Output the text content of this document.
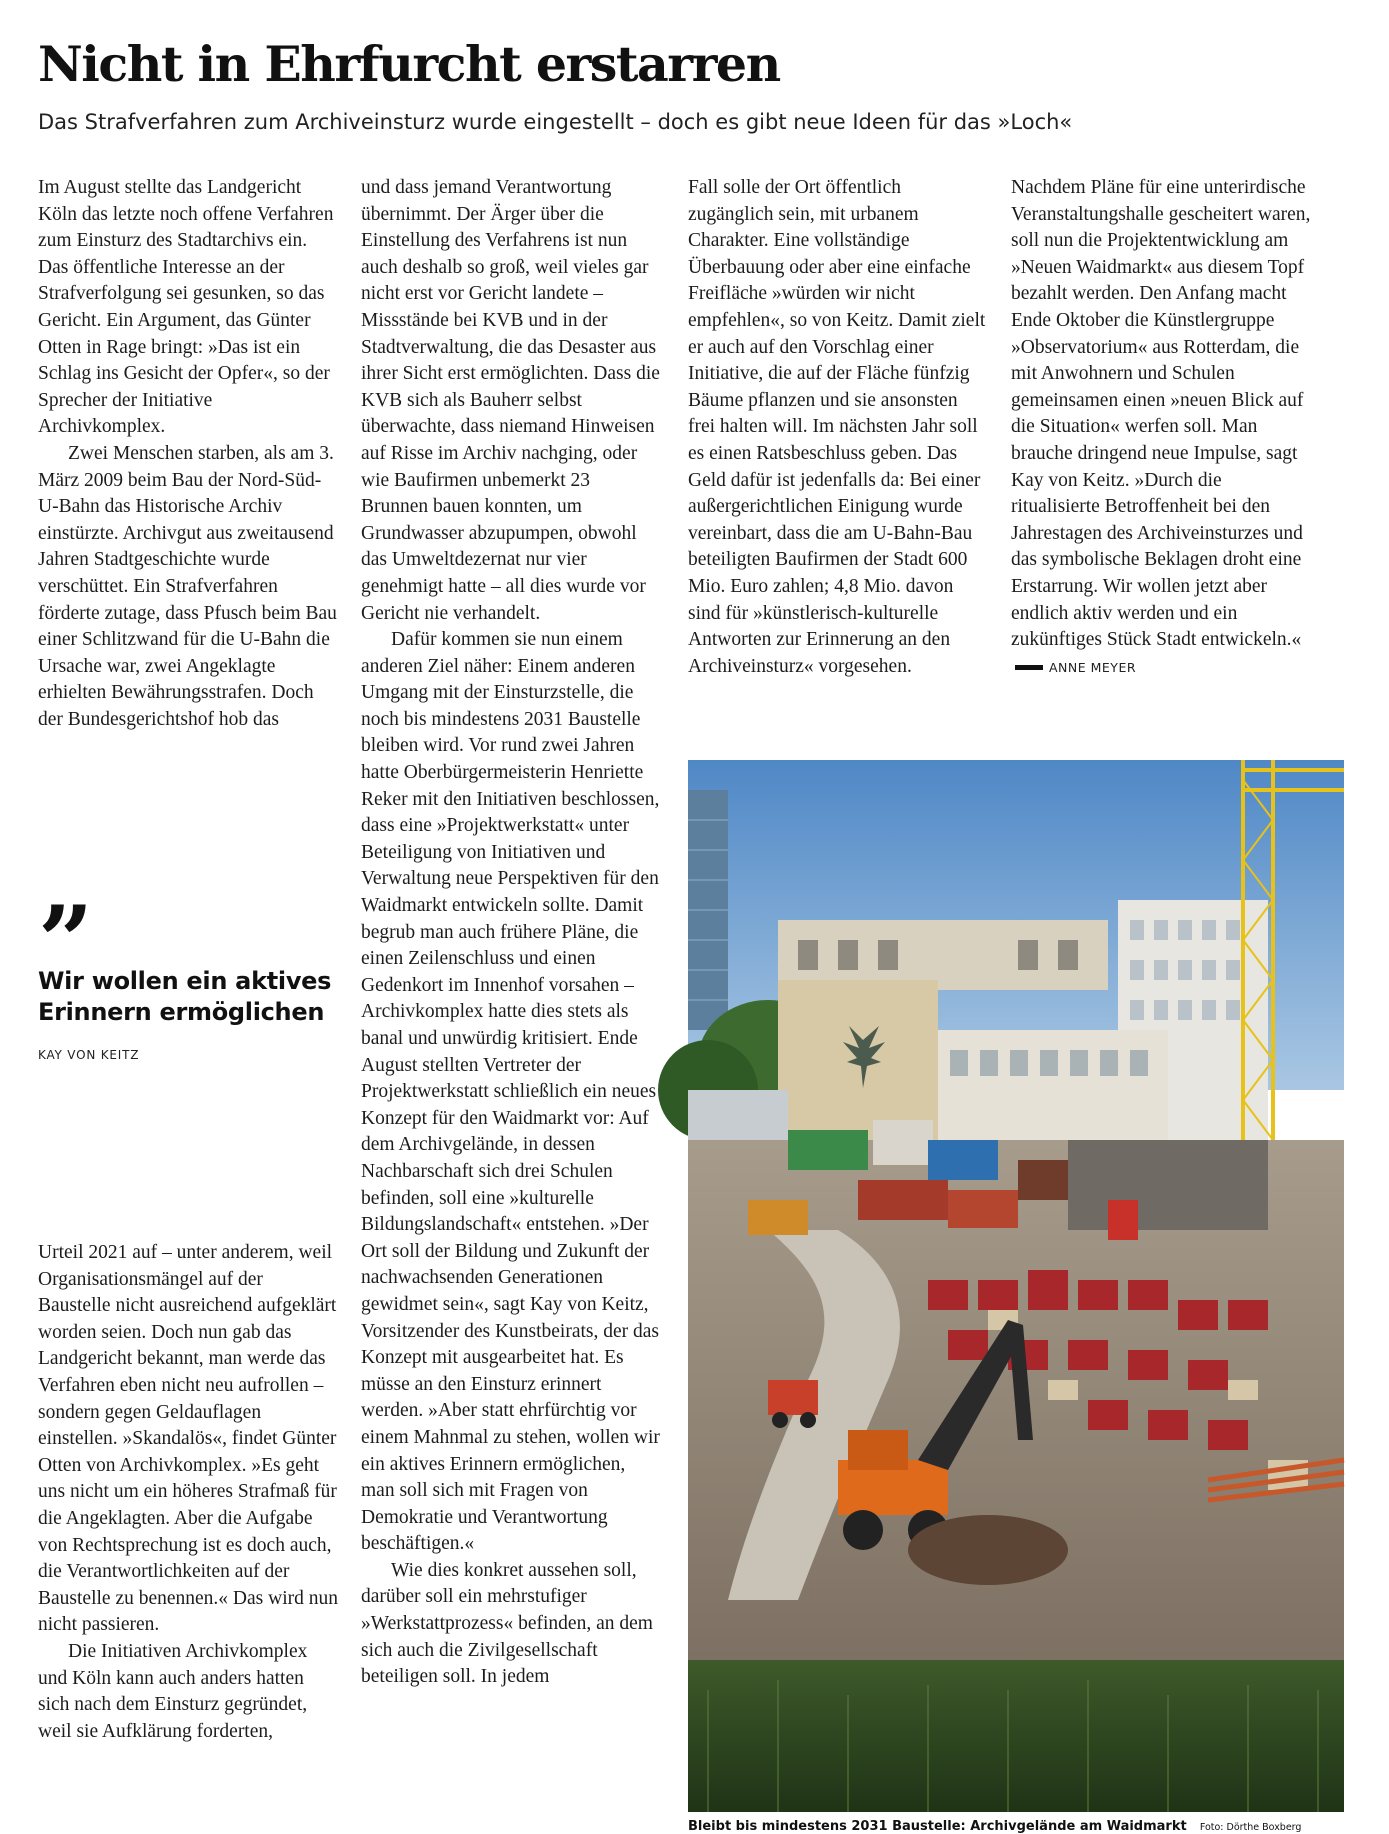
Nicht in Ehrfurcht erstarren

Das Strafverfahren zum Archiveinsturz wurde eingestellt – doch es gibt neue Ideen für das »Loch«

Im August stellte das Landgericht Köln das letzte noch offene Verfahren zum Einsturz des Stadtarchivs ein. Das öffentliche Interesse an der Strafverfolgung sei gesunken, so das Gericht. Ein Argument, das Günter Otten in Rage bringt: »Das ist ein Schlag ins Gesicht der Opfer«, so der Sprecher der Initiative Archivkomplex.

Zwei Menschen starben, als am 3. März 2009 beim Bau der Nord-Süd-U-Bahn das Historische Archiv einstürzte. Archivgut aus zweitausend Jahren Stadtgeschichte wurde verschüttet. Ein Strafverfahren förderte zutage, dass Pfusch beim Bau einer Schlitzwand für die U-Bahn die Ursache war, zwei Angeklagte erhielten Bewährungsstrafen. Doch der Bundesgerichtshof hob das

”

Wir wollen ein aktives Erinnern ermöglichen

KAY VON KEITZ

Urteil 2021 auf – unter anderem, weil Organisationsmängel auf der Baustelle nicht ausreichend aufgeklärt worden seien. Doch nun gab das Landgericht bekannt, man werde das Verfahren eben nicht neu aufrollen – sondern gegen Geldauflagen einstellen. »Skandalös«, findet Günter Otten von Archivkomplex. »Es geht uns nicht um ein höheres Strafmaß für die Angeklagten. Aber die Aufgabe von Rechtsprechung ist es doch auch, die Verantwortlichkeiten auf der Baustelle zu benennen.« Das wird nun nicht passieren.

Die Initiativen Archivkomplex und Köln kann auch anders hatten sich nach dem Einsturz gegründet, weil sie Aufklärung forderten,

und dass jemand Verantwortung übernimmt. Der Ärger über die Einstellung des Verfahrens ist nun auch deshalb so groß, weil vieles gar nicht erst vor Gericht landete – Missstände bei KVB und in der Stadtverwaltung, die das Desaster aus ihrer Sicht erst ermöglichten. Dass die KVB sich als Bauherr selbst überwachte, dass niemand Hinweisen auf Risse im Archiv nachging, oder wie Baufirmen unbemerkt 23 Brunnen bauen konnten, um Grundwasser abzupumpen, obwohl das Umweltdezernat nur vier genehmigt hatte – all dies wurde vor Gericht nie verhandelt.

Dafür kommen sie nun einem anderen Ziel näher: Einem anderen Umgang mit der Einsturzstelle, die noch bis mindestens 2031 Baustelle bleiben wird. Vor rund zwei Jahren hatte Oberbürgermeisterin Henriette Reker mit den Initiativen beschlossen, dass eine »Projektwerkstatt« unter Beteiligung von Initiativen und Verwaltung neue Perspektiven für den Waidmarkt entwickeln sollte. Damit begrub man auch frühere Pläne, die einen Zeilenschluss und einen Gedenkort im Innenhof vorsahen – Archivkomplex hatte dies stets als banal und unwürdig kritisiert. Ende August stellten Vertreter der Projektwerkstatt schließlich ein neues Konzept für den Waidmarkt vor: Auf dem Archivgelände, in dessen Nachbarschaft sich drei Schulen befinden, soll eine »kulturelle Bildungslandschaft« entstehen. »Der Ort soll der Bildung und Zukunft der nachwachsenden Generationen gewidmet sein«, sagt Kay von Keitz, Vorsitzender des Kunstbeirats, der das Konzept mit ausgearbeitet hat. Es müsse an den Einsturz erinnert werden. »Aber statt ehrfürchtig vor einem Mahnmal zu stehen, wollen wir ein aktives Erinnern ermöglichen, man soll sich mit Fragen von Demokratie und Verantwortung beschäftigen.«

Wie dies konkret aussehen soll, darüber soll ein mehrstufiger »Werkstattprozess« befinden, an dem sich auch die Zivilgesellschaft beteiligen soll. In jedem

Fall solle der Ort öffentlich zugänglich sein, mit urbanem Charakter. Eine vollständige Überbauung oder aber eine einfache Freifläche »würden wir nicht empfehlen«, so von Keitz. Damit zielt er auch auf den Vorschlag einer Initiative, die auf der Fläche fünfzig Bäume pflanzen und sie ansonsten frei halten will. Im nächsten Jahr soll es einen Ratsbeschluss geben. Das Geld dafür ist jedenfalls da: Bei einer außergerichtlichen Einigung wurde vereinbart, dass die am U-Bahn-Bau beteiligten Baufirmen der Stadt 600 Mio. Euro zahlen; 4,8 Mio. davon sind für »künstlerisch-kulturelle Antworten zur Erinnerung an den Archiveinsturz« vorgesehen.

Nachdem Pläne für eine unterirdische Veranstaltungshalle gescheitert waren, soll nun die Projektentwicklung am »Neuen Waidmarkt« aus diesem Topf bezahlt werden. Den Anfang macht Ende Oktober die Künstlergruppe »Observatorium« aus Rotterdam, die mit Anwohnern und Schulen gemeinsamen einen »neuen Blick auf die Situation« werfen soll. Man brauche dringend neue Impulse, sagt Kay von Keitz. »Durch die ritualisierte Betroffenheit bei den Jahrestagen des Archiveinsturzes und das symbolische Beklagen droht eine Erstarrung. Wir wollen jetzt aber endlich aktiv werden und ein zukünftiges Stück Stadt entwickeln.«ANNE MEYER

Bleibt bis mindestens 2031 Baustelle: Archivgelände am Waidmarkt Foto: Dörthe Boxberg
